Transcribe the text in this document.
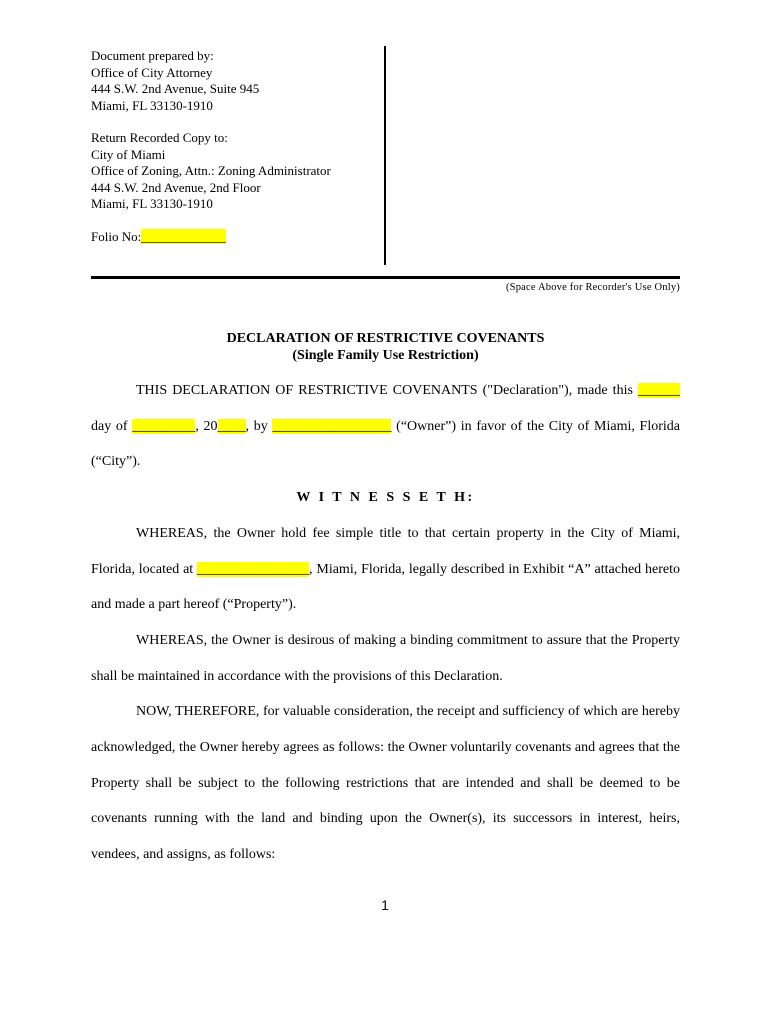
Document prepared by:
Office of City Attorney
444 S.W. 2nd Avenue, Suite 945
Miami, FL 33130-1910
Return Recorded Copy to:
City of Miami
Office of Zoning, Attn.: Zoning Administrator
444 S.W. 2nd Avenue, 2nd Floor
Miami, FL 33130-1910
Folio No:_____________
(Space Above for Recorder's Use Only)
DECLARATION OF RESTRICTIVE COVENANTS
(Single Family Use Restriction)

THIS DECLARATION OF RESTRICTIVE COVENANTS ("Declaration"), made this ______ day of _________, 20____, by _________________ (“Owner”) in favor of the City of Miami, Florida (“City”).

W I T N E S S E T H:

WHEREAS, the Owner hold fee simple title to that certain property in the City of Miami, Florida, located at ________________, Miami, Florida, legally described in Exhibit “A” attached hereto and made a part hereof (“Property”).

WHEREAS, the Owner is desirous of making a binding commitment to assure that the Property shall be maintained in accordance with the provisions of this Declaration.

NOW, THEREFORE, for valuable consideration, the receipt and sufficiency of which are hereby acknowledged, the Owner hereby agrees as follows: the Owner voluntarily covenants and agrees that the Property shall be subject to the following restrictions that are intended and shall be deemed to be covenants running with the land and binding upon the Owner(s), its successors in interest, heirs, vendees, and assigns, as follows:

1
